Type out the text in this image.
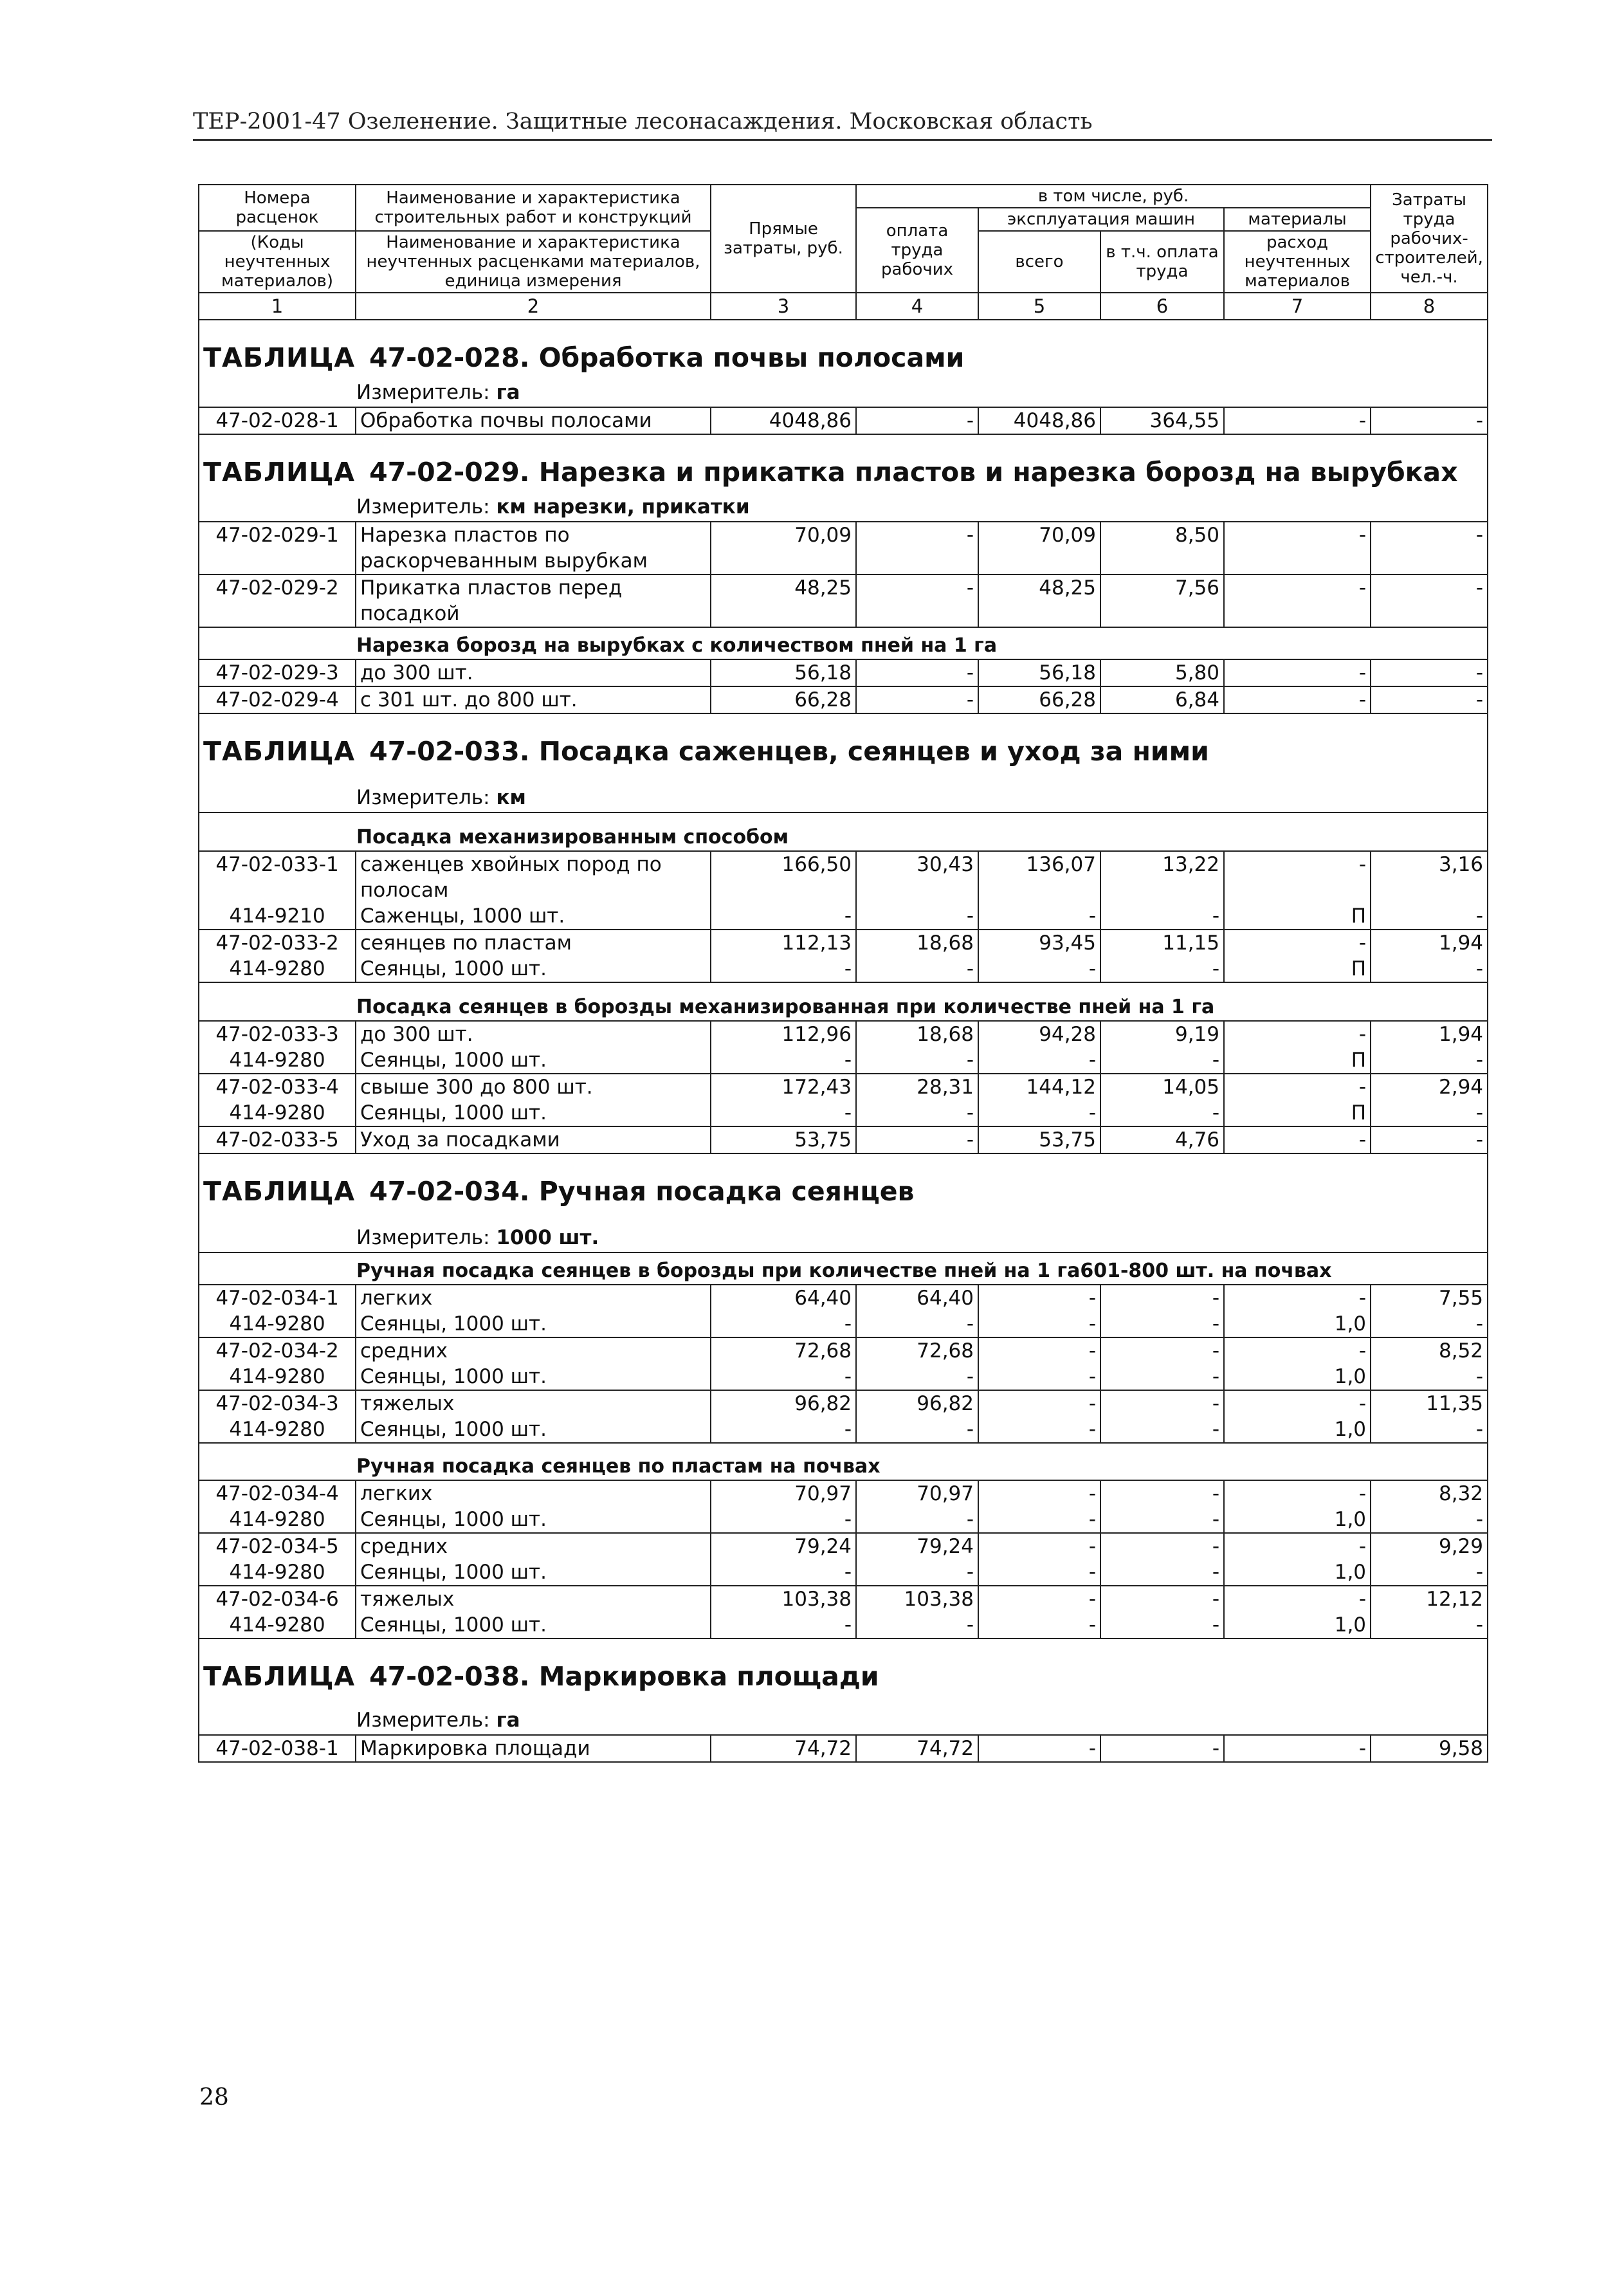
ТЕР-2001-47 Озеленение. Защитные лесонасаждения. Московская область
Номера расценок	Наименование и характеристика строительных работ и конструкций	Прямые затраты, руб.	в том числе, руб.				Затраты труда рабочих-строителей, чел.-ч.
			оплата труда рабочих	эксплуатация машин		материалы	
(Коды неучтенных материалов)	Наименование и характеристика неучтенных расценками материалов, единица измерения			всего	в т.ч. оплата труда	расход неучтенных материалов	

1	2	3	4	5	6	7	8
ТАБЛИЦА 47-02-028. Обработка почвы полосами							
Измеритель: га							
47-02-028-1	Обработка почвы полосами	4048,86	-	4048,86	364,55	-	-
ТАБЛИЦА 47-02-029. Нарезка и прикатка пластов и нарезка борозд на вырубках							
Измеритель: км нарезки, прикатки							
47-02-029-1	Нарезка пластов по раскорчеванным вырубкам	70,09	-	70,09	8,50	-	-
47-02-029-2	Прикатка пластов перед посадкой	48,25	-	48,25	7,56	-	-
Нарезка борозд на вырубках с количеством пней на 1 га							
47-02-029-3	до 300 шт.	56,18	-	56,18	5,80	-	-
47-02-029-4	с 301 шт. до 800 шт.	66,28	-	66,28	6,84	-	-
ТАБЛИЦА 47-02-033. Посадка саженцев, сеянцев и уход за ними							
Измеритель: км							
Посадка механизированным способом							
47-02-033-1	саженцев хвойных пород по полосам	166,50	30,43	136,07	13,22	-	3,16
414-9210	Саженцы, 1000 шт.	-	-	-	-	П	-
47-02-033-2	сеянцев по пластам	112,13	18,68	93,45	11,15	-	1,94
414-9280	Сеянцы, 1000 шт.	-	-	-	-	П	-
Посадка сеянцев в борозды механизированная при количестве пней на 1 га							
47-02-033-3	до 300 шт.	112,96	18,68	94,28	9,19	-	1,94
414-9280	Сеянцы, 1000 шт.	-	-	-	-	П	-
47-02-033-4	свыше 300 до 800 шт.	172,43	28,31	144,12	14,05	-	2,94
414-9280	Сеянцы, 1000 шт.	-	-	-	-	П	-
47-02-033-5	Уход за посадками	53,75	-	53,75	4,76	-	-
ТАБЛИЦА 47-02-034. Ручная посадка сеянцев							
Измеритель: 1000 шт.							
Ручная посадка сеянцев в борозды при количестве пней на 1 га601-800 шт. на почвах							
47-02-034-1	легких	64,40	64,40	-	-	-	7,55
414-9280	Сеянцы, 1000 шт.	-	-	-	-	1,0	-
47-02-034-2	средних	72,68	72,68	-	-	-	8,52
414-9280	Сеянцы, 1000 шт.	-	-	-	-	1,0	-
47-02-034-3	тяжелых	96,82	96,82	-	-	-	11,35
414-9280	Сеянцы, 1000 шт.	-	-	-	-	1,0	-
Ручная посадка сеянцев по пластам на почвах							
47-02-034-4	легких	70,97	70,97	-	-	-	8,32
414-9280	Сеянцы, 1000 шт.	-	-	-	-	1,0	-
47-02-034-5	средних	79,24	79,24	-	-	-	9,29
414-9280	Сеянцы, 1000 шт.	-	-	-	-	1,0	-
47-02-034-6	тяжелых	103,38	103,38	-	-	-	12,12
414-9280	Сеянцы, 1000 шт.	-	-	-	-	1,0	-
ТАБЛИЦА 47-02-038. Маркировка площади							
Измеритель: га							
47-02-038-1	Маркировка площади	74,72	74,72	-	-	-	9,58
28
